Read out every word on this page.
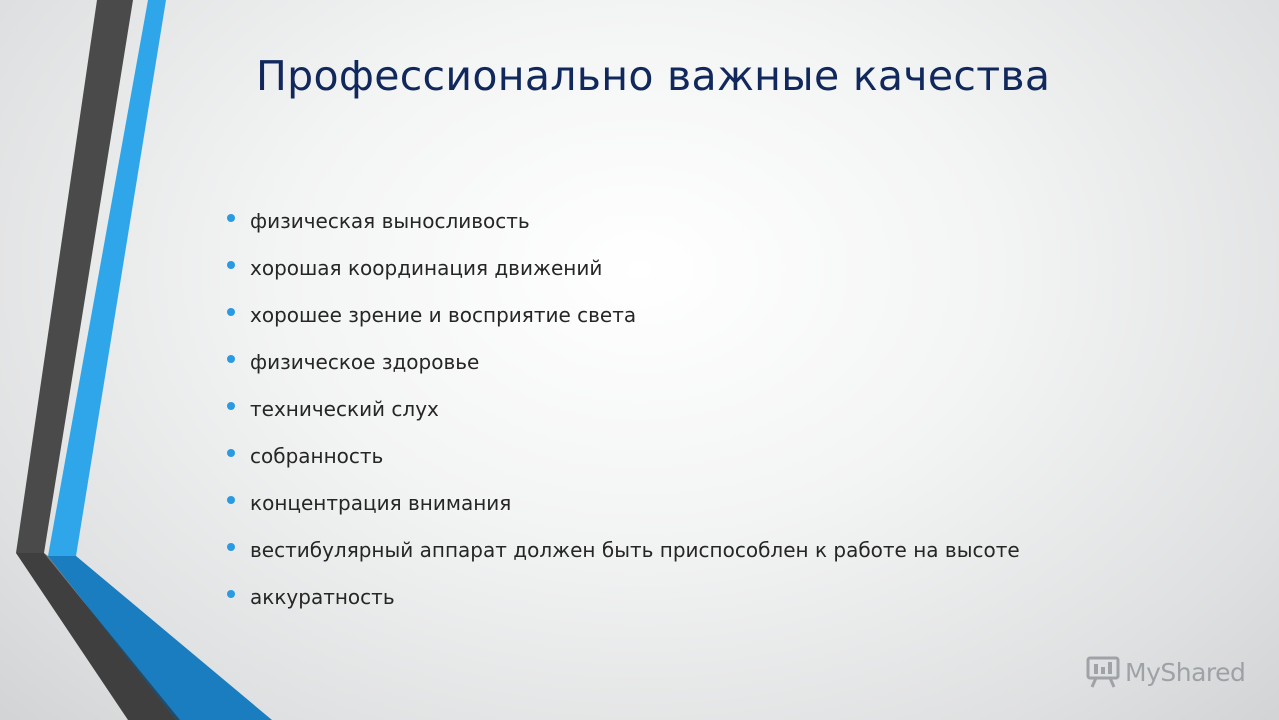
Профессионально важные качества
физическая выносливость
хорошая координация движений
хорошее зрение и восприятие света
физическое здоровье
технический слух
собранность
концентрация внимания
вестибулярный аппарат должен быть приспособлен к работе на высоте
аккуратность
MyShared
